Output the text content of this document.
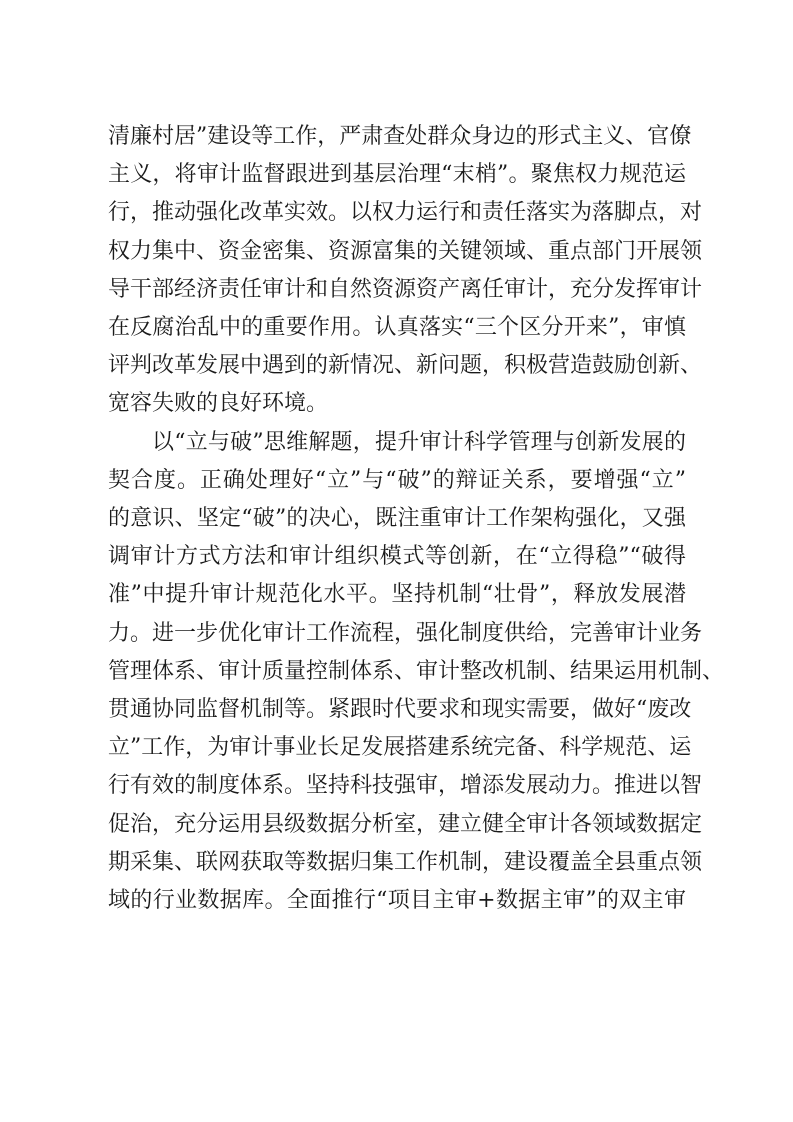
清廉村居”建设等工作，严肃查处群众身边的形式主义、官僚
主义，将审计监督跟进到基层治理“末梢”。聚焦权力规范运
行，推动强化改革实效。以权力运行和责任落实为落脚点，对
权力集中、资金密集、资源富集的关键领域、重点部门开展领
导干部经济责任审计和自然资源资产离任审计，充分发挥审计
在反腐治乱中的重要作用。认真落实“三个区分开来”，审慎
评判改革发展中遇到的新情况、新问题，积极营造鼓励创新、
宽容失败的良好环境。

以“立与破”思维解题，提升审计科学管理与创新发展的
契合度。正确处理好“立”与“破”的辩证关系，要增强“立”
的意识、坚定“破”的决心，既注重审计工作架构强化，又强
调审计方式方法和审计组织模式等创新，在“立得稳”“破得
准”中提升审计规范化水平。坚持机制“壮骨”，释放发展潜
力。进一步优化审计工作流程，强化制度供给，完善审计业务
管理体系、审计质量控制体系、审计整改机制、结果运用机制、
贯通协同监督机制等。紧跟时代要求和现实需要，做好“废改
立”工作，为审计事业长足发展搭建系统完备、科学规范、运
行有效的制度体系。坚持科技强审，增添发展动力。推进以智
促治，充分运用县级数据分析室，建立健全审计各领域数据定
期采集、联网获取等数据归集工作机制，建设覆盖全县重点领
域的行业数据库。全面推行“项目主审+数据主审”的双主审
